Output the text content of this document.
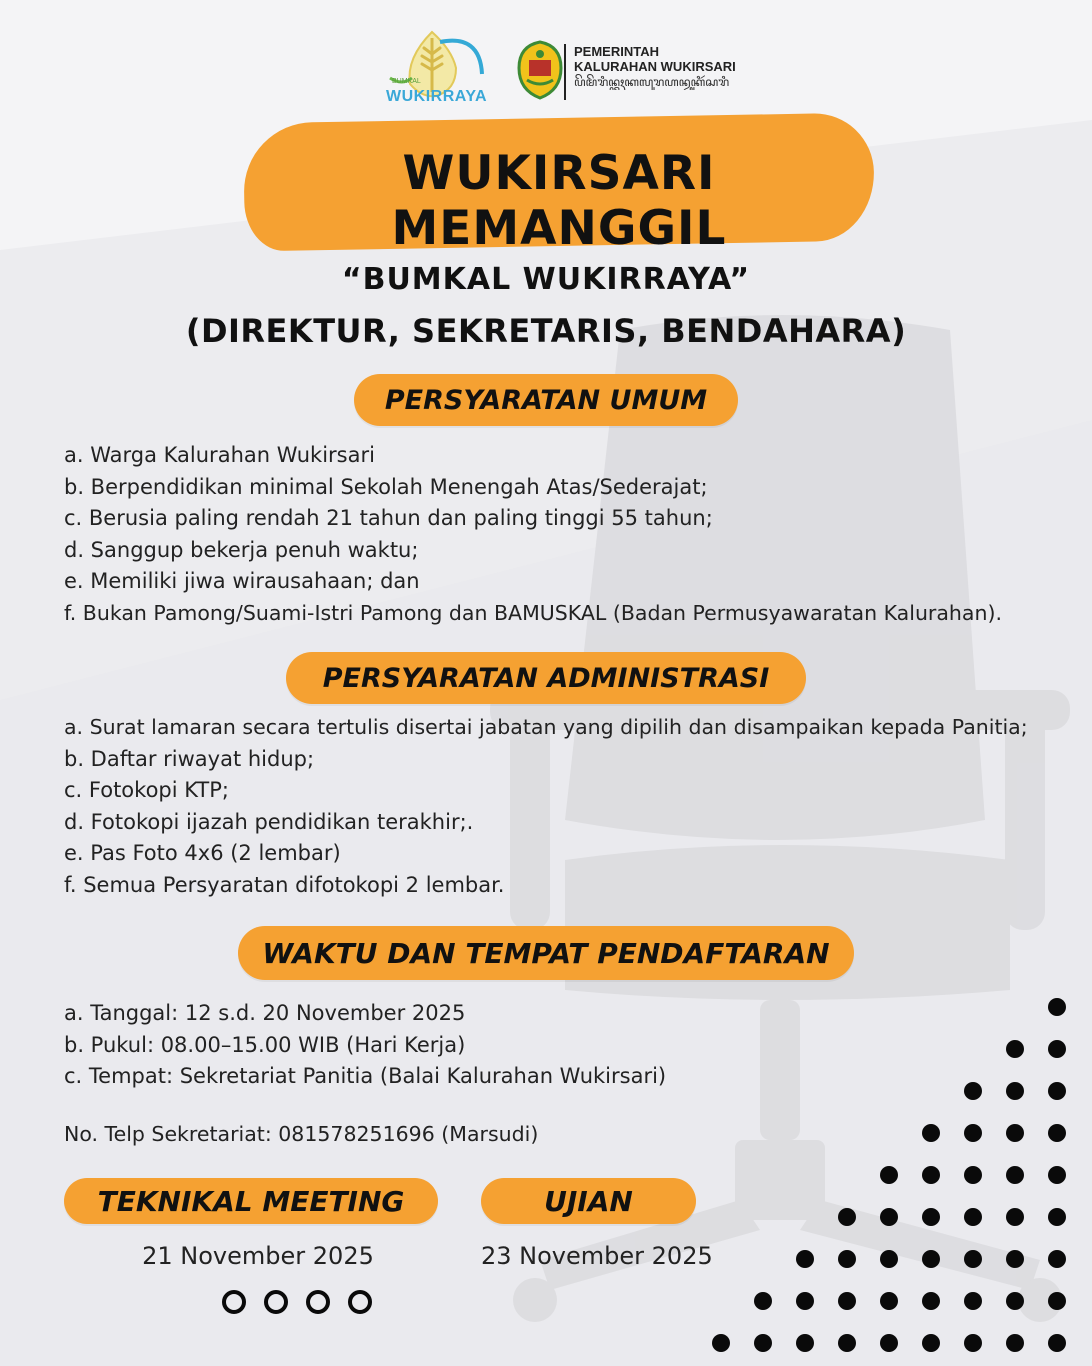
BUMKAL
WUKIRRAYA
PEMERINTAH
KALURAHAN WUKIRSARI
ꦥꦼꦩꦼꦫꦶꦤ꧀ꦠꦃꦏꦭꦸꦫꦲꦤ꧀ꦮꦸꦏꦶꦂꦱꦫꦶ
WUKIRSARI MEMANGGIL
“BUMKAL WUKIRRAYA”
(DIREKTUR, SEKRETARIS, BENDAHARA)
PERSYARATAN UMUM
a. Warga Kalurahan Wukirsari
b. Berpendidikan minimal Sekolah Menengah Atas/Sederajat;
c. Berusia paling rendah 21 tahun dan paling tinggi 55 tahun;
d. Sanggup bekerja penuh waktu;
e. Memiliki jiwa wirausahaan; dan
f. Bukan Pamong/Suami-Istri Pamong dan BAMUSKAL (Badan Permusyawaratan Kalurahan).
PERSYARATAN ADMINISTRASI
a. Surat lamaran secara tertulis disertai jabatan yang dipilih dan disampaikan kepada Panitia;
b. Daftar riwayat hidup;
c. Fotokopi KTP;
d. Fotokopi ijazah pendidikan terakhir;.
e. Pas Foto 4x6 (2 lembar)
f. Semua Persyaratan difotokopi 2 lembar.
WAKTU DAN TEMPAT PENDAFTARAN
a. Tanggal: 12 s.d. 20 November 2025
b. Pukul: 08.00–15.00 WIB (Hari Kerja)
c. Tempat: Sekretariat Panitia (Balai Kalurahan Wukirsari)
No. Telp Sekretariat: 081578251696 (Marsudi)
TEKNIKAL MEETING
21 November 2025
UJIAN
23 November 2025
